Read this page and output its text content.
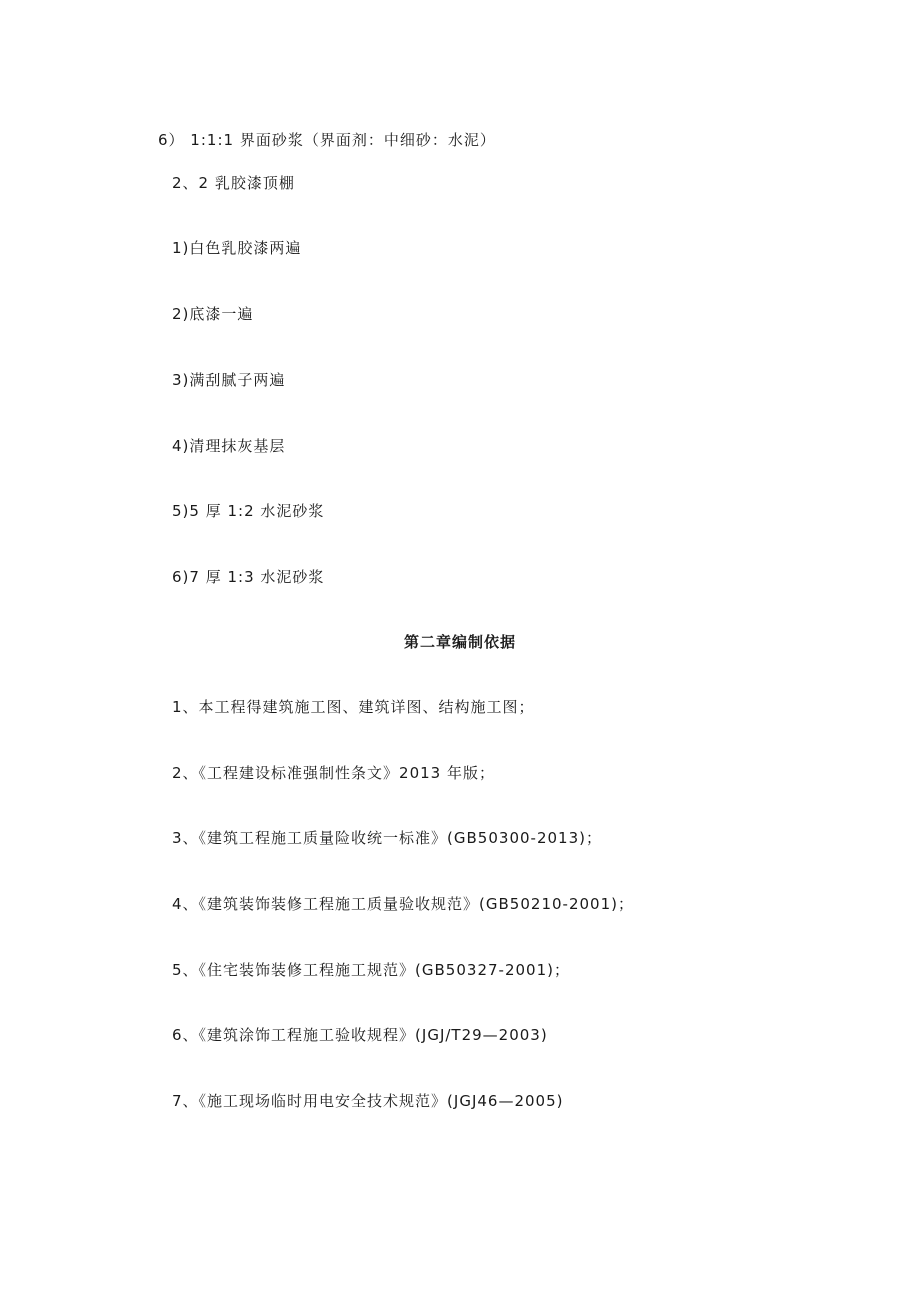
6） 1:1:1 界面砂浆（界面剂：中细砂：水泥）
2、2 乳胶漆顶棚
1)白色乳胶漆两遍
2)底漆一遍
3)满刮腻子两遍
4)清理抹灰基层
5)5 厚 1:2 水泥砂浆
6)7 厚 1:3 水泥砂浆
第二章编制依据
1、本工程得建筑施工图、建筑详图、结构施工图；
2、《工程建设标准强制性条文》2013 年版；
3、《建筑工程施工质量险收统一标准》(GB50300-2013)；
4、《建筑装饰装修工程施工质量验收规范》(GB50210-2001)；
5、《住宅装饰装修工程施工规范》(GB50327-2001)；
6、《建筑涂饰工程施工验收规程》(JGJ/T29—2003)
7、《施工现场临时用电安全技术规范》(JGJ46—2005)
